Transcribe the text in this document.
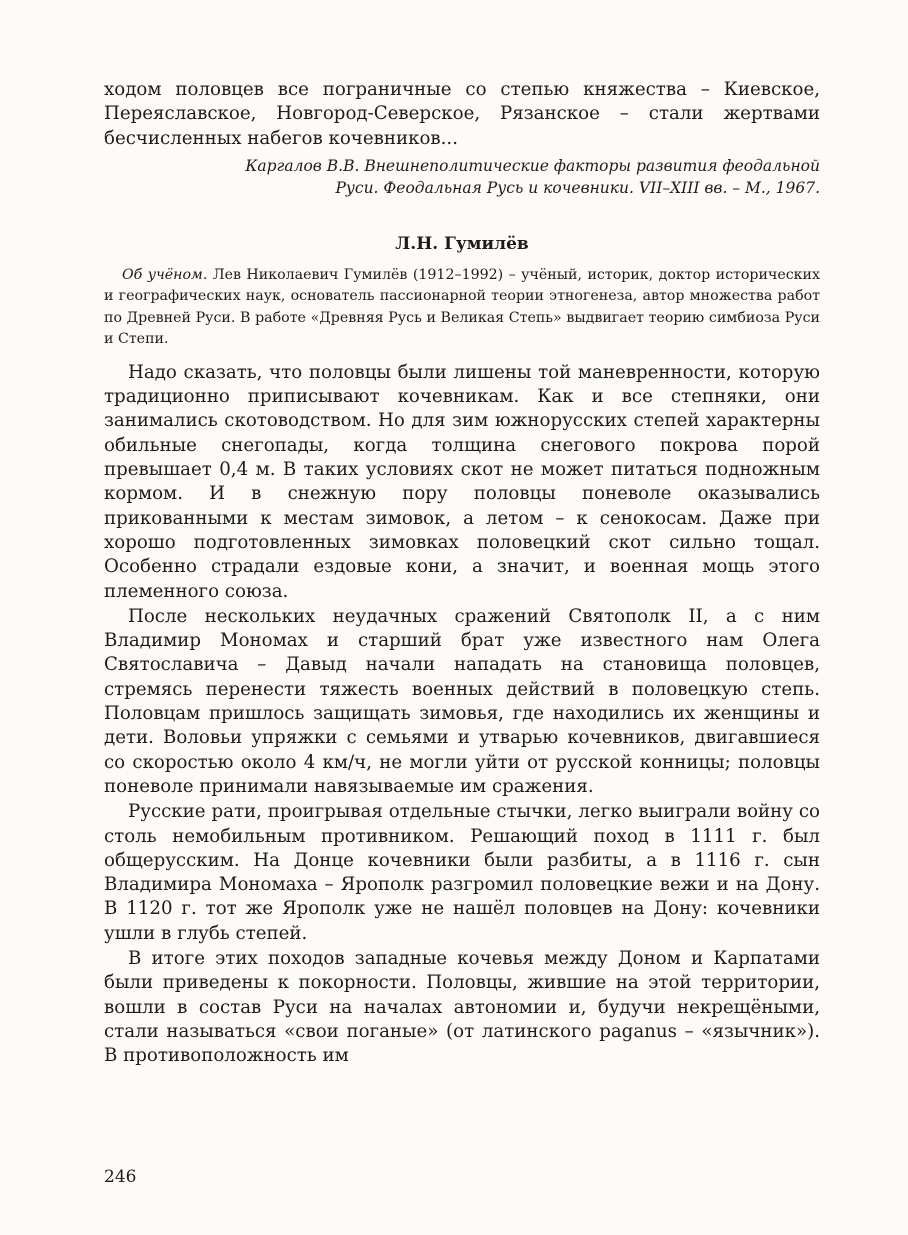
ходом половцев все пограничные со степью княжества – Киевское, Переяславское, Новгород-Северское, Рязанское – стали жертвами бесчисленных набегов кочевников...

Каргалов В.В. Внешнеполитические факторы развития феодальной
Руси. Феодальная Русь и кочевники. VII–XIII вв. – М., 1967.
Л.Н. Гумилёв

Об учёном. Лев Николаевич Гумилёв (1912–1992) – учёный, историк, доктор исторических и географических наук, основатель пассионарной теории этногенеза, автор множества работ по Древней Руси. В работе «Древняя Русь и Великая Степь» выдвигает теорию симбиоза Руси и Степи.

Надо сказать, что половцы были лишены той маневренности, которую традиционно приписывают кочевникам. Как и все степняки, они занимались скотоводством. Но для зим южнорусских степей характерны обильные снегопады, когда толщина снегового покрова порой превышает 0,4 м. В таких условиях скот не может питаться подножным кормом. И в снежную пору половцы поневоле оказывались прикованными к местам зимовок, а летом – к сенокосам. Даже при хорошо подготовленных зимовках половецкий скот сильно тощал. Особенно страдали ездовые кони, а значит, и военная мощь этого племенного союза.

После нескольких неудачных сражений Святополк II, а с ним Владимир Мономах и старший брат уже известного нам Олега Святославича – Давыд начали нападать на становища половцев, стремясь перенести тяжесть военных действий в половецкую степь. Половцам пришлось защищать зимовья, где находились их женщины и дети. Воловьи упряжки с семьями и утварью кочевников, двигавшиеся со скоростью около 4 км/ч, не могли уйти от русской конницы; половцы поневоле принимали навязываемые им сражения.

Русские рати, проигрывая отдельные стычки, легко выиграли войну со столь немобильным противником. Решающий поход в 1111 г. был общерусским. На Донце кочевники были разбиты, а в 1116 г. сын Владимира Мономаха – Ярополк разгромил половецкие вежи и на Дону. В 1120 г. тот же Ярополк уже не нашёл половцев на Дону: кочевники ушли в глубь степей.

В итоге этих походов западные кочевья между Доном и Карпатами были приведены к покорности. Половцы, жившие на этой территории, вошли в состав Руси на началах автономии и, будучи некрещёными, стали называться «свои поганые» (от латинского paganus – «язычник»). В противоположность им

246
